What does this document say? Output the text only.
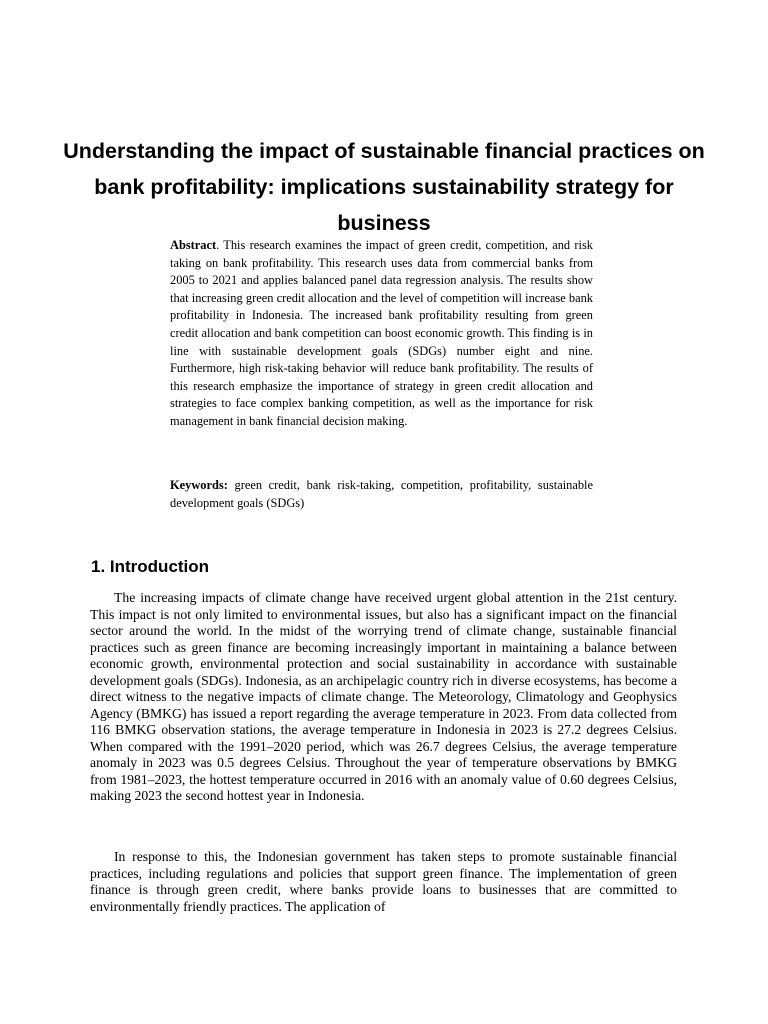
Understanding the impact of sustainable financial practices on bank profitability: implications sustainability strategy for business

Abstract. This research examines the impact of green credit, competition, and risk taking on bank profitability. This research uses data from commercial banks from 2005 to 2021 and applies balanced panel data regression analysis. The results show that increasing green credit allocation and the level of competition will increase bank profitability in Indonesia. The increased bank profitability resulting from green credit allocation and bank competition can boost economic growth. This finding is in line with sustainable development goals (SDGs) number eight and nine. Furthermore, high risk-taking behavior will reduce bank profitability. The results of this research emphasize the importance of strategy in green credit allocation and strategies to face complex banking competition, as well as the importance for risk management in bank financial decision making.

Keywords: green credit, bank risk-taking, competition, profitability, sustainable development goals (SDGs)

1. Introduction

The increasing impacts of climate change have received urgent global attention in the 21st century. This impact is not only limited to environmental issues, but also has a significant impact on the financial sector around the world. In the midst of the worrying trend of climate change, sustainable financial practices such as green finance are becoming increasingly important in maintaining a balance between economic growth, environmental protection and social sustainability in accordance with sustainable development goals (SDGs). Indonesia, as an archipelagic country rich in diverse ecosystems, has become a direct witness to the negative impacts of climate change. The Meteorology, Climatology and Geophysics Agency (BMKG) has issued a report regarding the average temperature in 2023. From data collected from 116 BMKG observation stations, the average temperature in Indonesia in 2023 is 27.2 degrees Celsius. When compared with the 1991–2020 period, which was 26.7 degrees Celsius, the average temperature anomaly in 2023 was 0.5 degrees Celsius. Throughout the year of temperature observations by BMKG from 1981–2023, the hottest temperature occurred in 2016 with an anomaly value of 0.60 degrees Celsius, making 2023 the second hottest year in Indonesia.

In response to this, the Indonesian government has taken steps to promote sustainable financial practices, including regulations and policies that support green finance. The implementation of green finance is through green credit, where banks provide loans to businesses that are committed to environmentally friendly practices. The application of
